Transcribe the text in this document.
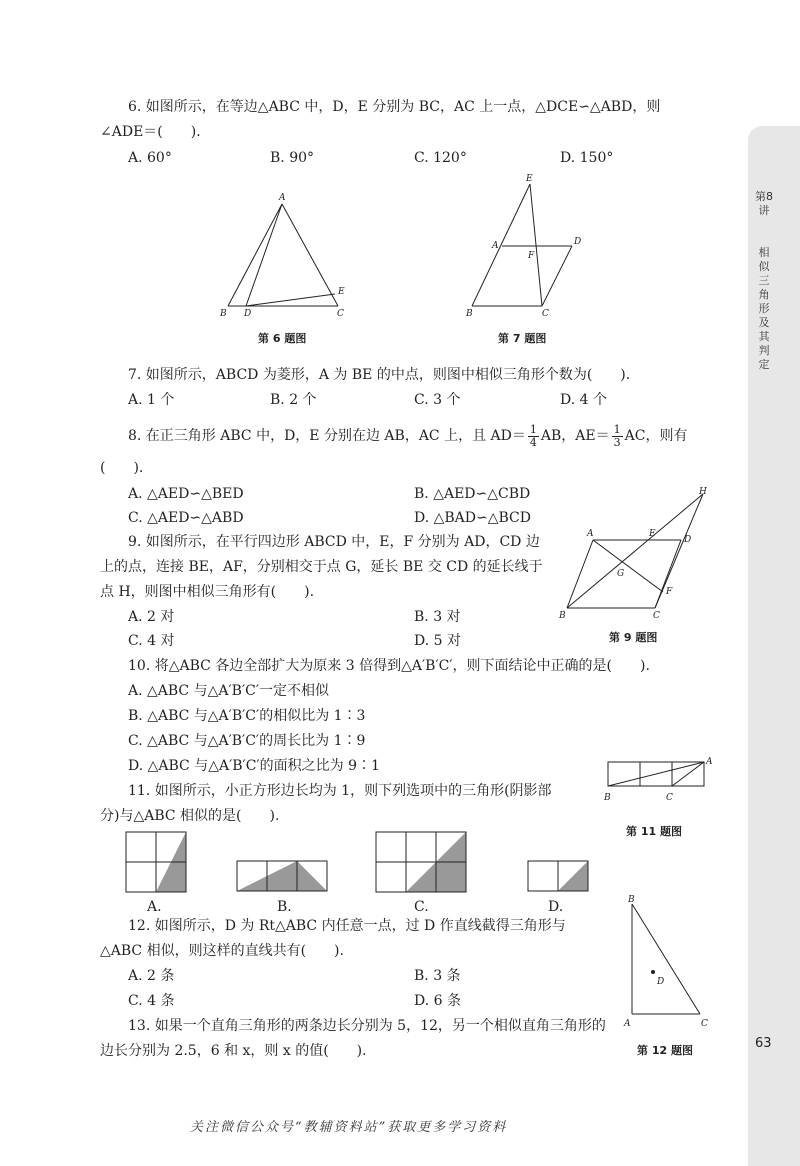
第8讲
相似三角形及其判定
63
6. 如图所示，在等边△ABC 中，D，E 分别为 BC，AC 上一点，△DCE∽△ABD，则
∠ADE＝(　　).
A. 60°	B. 90°	C. 120°	D. 150°
A
B D	C
E
第 6 题图
E
A	D
F
B	C
第 7 题图
7. 如图所示，ABCD 为菱形，A 为 BE 的中点，则图中相似三角形个数为(　　).
A. 1 个	B. 2 个	C. 3 个	D. 4 个
8. 在正三角形 ABC 中，D，E 分别在边 AB，AC 上，且 $AD= \frac{1}{4}$ AB，$AE= \frac{1}{3}$ AC，则有
(　　).
A. △AED∽△BED	B. △AED∽△CBD
C. △AED∽△ABD	D. △BAD∽△BCD
9. 如图所示，在平行四边形 ABCD 中，E，F 分别为 AD，CD 边
上的点，连接 BE，AF，分别相交于点 G，延长 BE 交 CD 的延长线于
点 H，则图中相似三角形有(　　).
A. 2 对	B. 3 对
C. 4 对	D. 5 对
H
A	E
D
G
F
B	C
第 9 题图
10. 将△ABC 各边全部扩大为原来 3 倍得到△A′B′C′，则下面结论中正确的是(　　).
A. △ABC 与△A′B′C′一定不相似
B. △ABC 与△A′B′C′的相似比为 1∶3
C. △ABC 与△A′B′C′的周长比为 1∶9
D. △ABC 与△A′B′C′的面积之比为 9∶1
11. 如图所示，小正方形边长均为 1，则下列选项中的三角形(阴影部
分)与△ABC 相似的是(　　).
A
B	C
第 11 题图
A.	B.	C.	D.
12. 如图所示，D 为 Rt△ABC 内任意一点，过 D 作直线截得三角形与
△ABC 相似，则这样的直线共有(　　).
A. 2 条	B. 3 条
C. 4 条	D. 6 条
B
D
A	C
第 12 题图
13. 如果一个直角三角形的两条边长分别为 5，12，另一个相似直角三角形的
边长分别为 2.5，6 和 x，则 x 的值(　　).
关注微信公众号“教辅资料站”获取更多学习资料
